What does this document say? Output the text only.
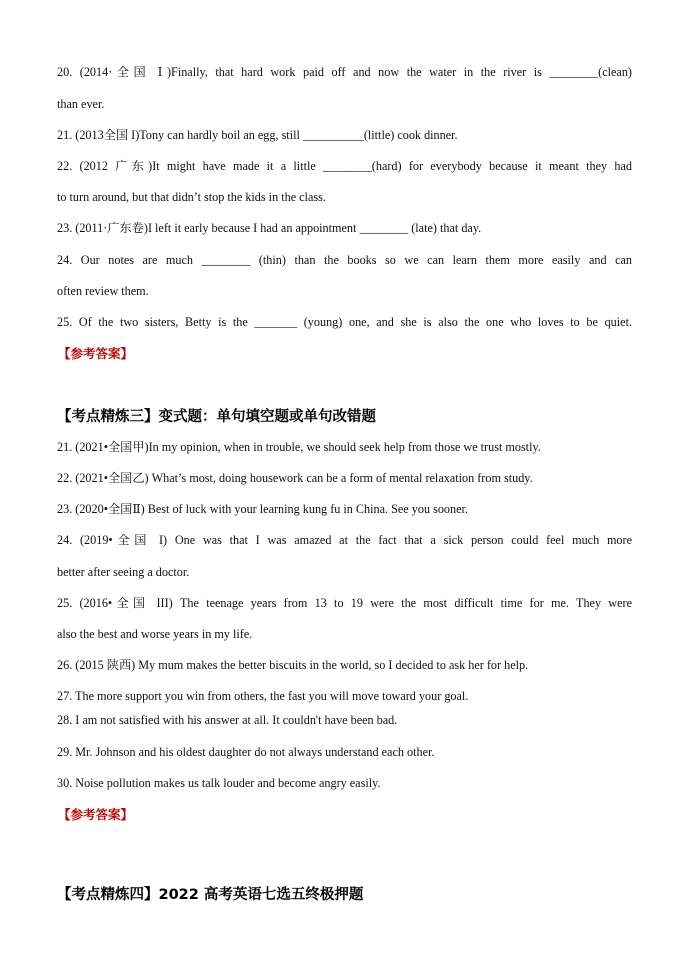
20. (2014·全国 Ⅰ)Finally, that hard work paid off and now the water in the river is ________(clean)
than ever.
21. (2013全国 I)Tony can hardly boil an egg, still __________(little) cook dinner.
22. (2012 广东)It might have made it a little ________(hard) for everybody because it meant they had
to turn around, but that didn’t stop the kids in the class.
23. (2011·广东卷)I left it early because I had an appointment ________ (late) that day.
24. Our notes are much ________ (thin) than the books so we can learn them more easily and can
often review them.
25. Of the two sisters, Betty is the _______ (young) one, and she is also the one who loves to be quiet.
【参考答案】
【考点精炼三】变式题：单句填空题或单句改错题
21. (2021•全国甲)In my opinion, when in trouble, we should seek help from those we trust mostly.
22. (2021•全国乙) What’s most, doing housework can be a form of mental relaxation from study.
23. (2020•全国Ⅱ) Best of luck with your learning kung fu in China. See you sooner.
24. (2019•全国 I) One was that I was amazed at the fact that a sick person could feel much more
better after seeing a doctor.
25. (2016•全国 III) The teenage years from 13 to 19 were the most difficult time for me. They were
also the best and worse years in my life.
26. (2015 陕西) My mum makes the better biscuits in the world, so I decided to ask her for help.
27. The more support you win from others, the fast you will move toward your goal.
28. I am not satisfied with his answer at all. It couldn't have been bad.
29. Mr. Johnson and his oldest daughter do not always understand each other.
30. Noise pollution makes us talk louder and become angry easily.
【参考答案】
【考点精炼四】2022 高考英语七选五终极押题
